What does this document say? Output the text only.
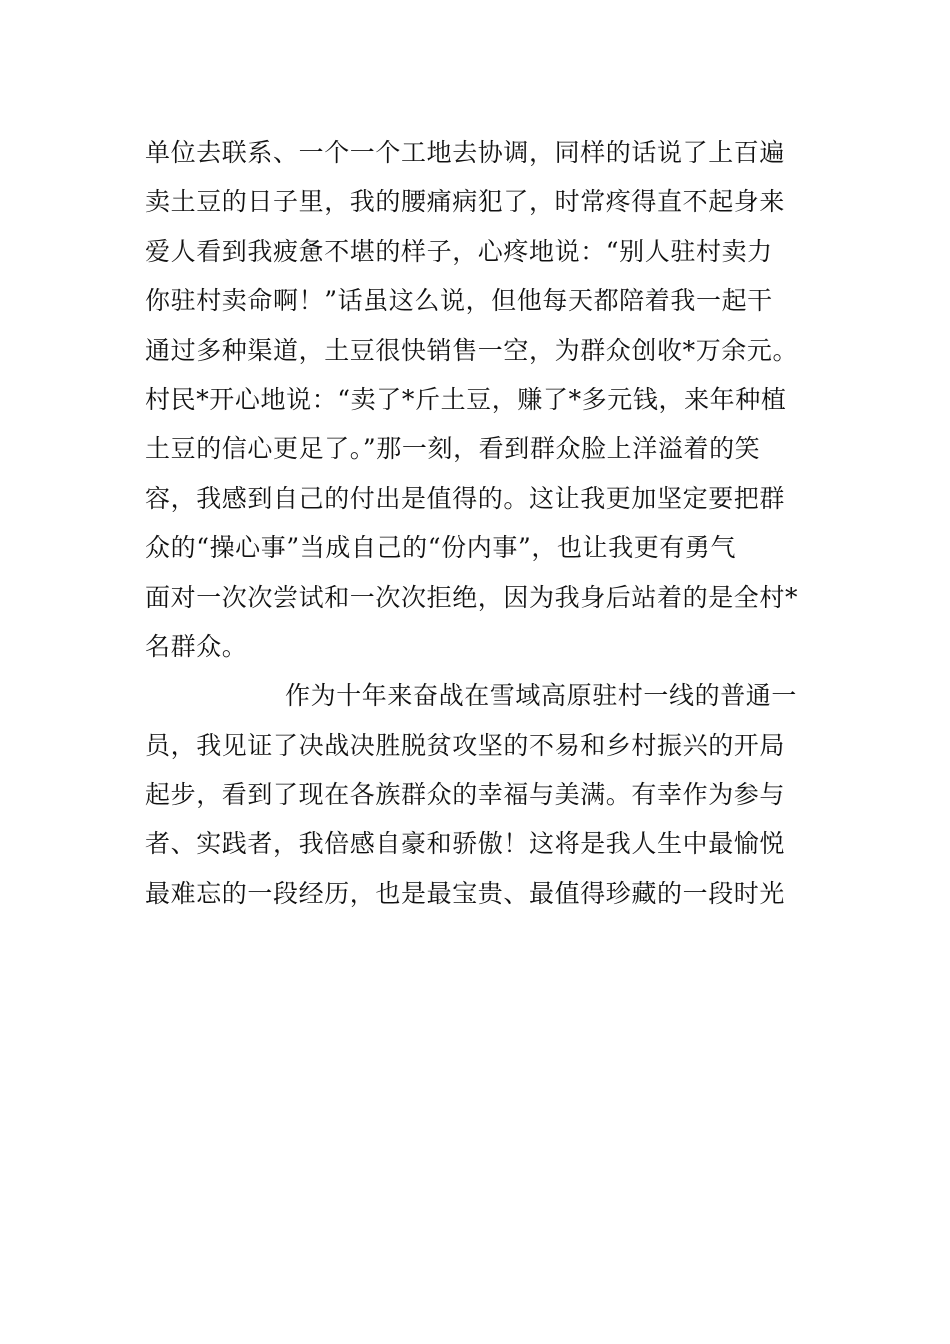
单位去联系、一个一个工地去协调，同样的话说了上百遍
卖土豆的日子里，我的腰痛病犯了，时常疼得直不起身来
爱人看到我疲惫不堪的样子，心疼地说：“别人驻村卖力
你驻村卖命啊！”话虽这么说，但他每天都陪着我一起干
通过多种渠道，土豆很快销售一空，为群众创收*万余元。
村民*开心地说：“卖了*斤土豆，赚了*多元钱，来年种植
土豆的信心更足了。”那一刻，看到群众脸上洋溢着的笑
容，我感到自己的付出是值得的。这让我更加坚定要把群
众的“操心事”当成自己的“份内事”，也让我更有勇气
面对一次次尝试和一次次拒绝，因为我身后站着的是全村*
名群众。
作为十年来奋战在雪域高原驻村一线的普通一
员，我见证了决战决胜脱贫攻坚的不易和乡村振兴的开局
起步，看到了现在各族群众的幸福与美满。有幸作为参与
者、实践者，我倍感自豪和骄傲！这将是我人生中最愉悦
最难忘的一段经历，也是最宝贵、最值得珍藏的一段时光
